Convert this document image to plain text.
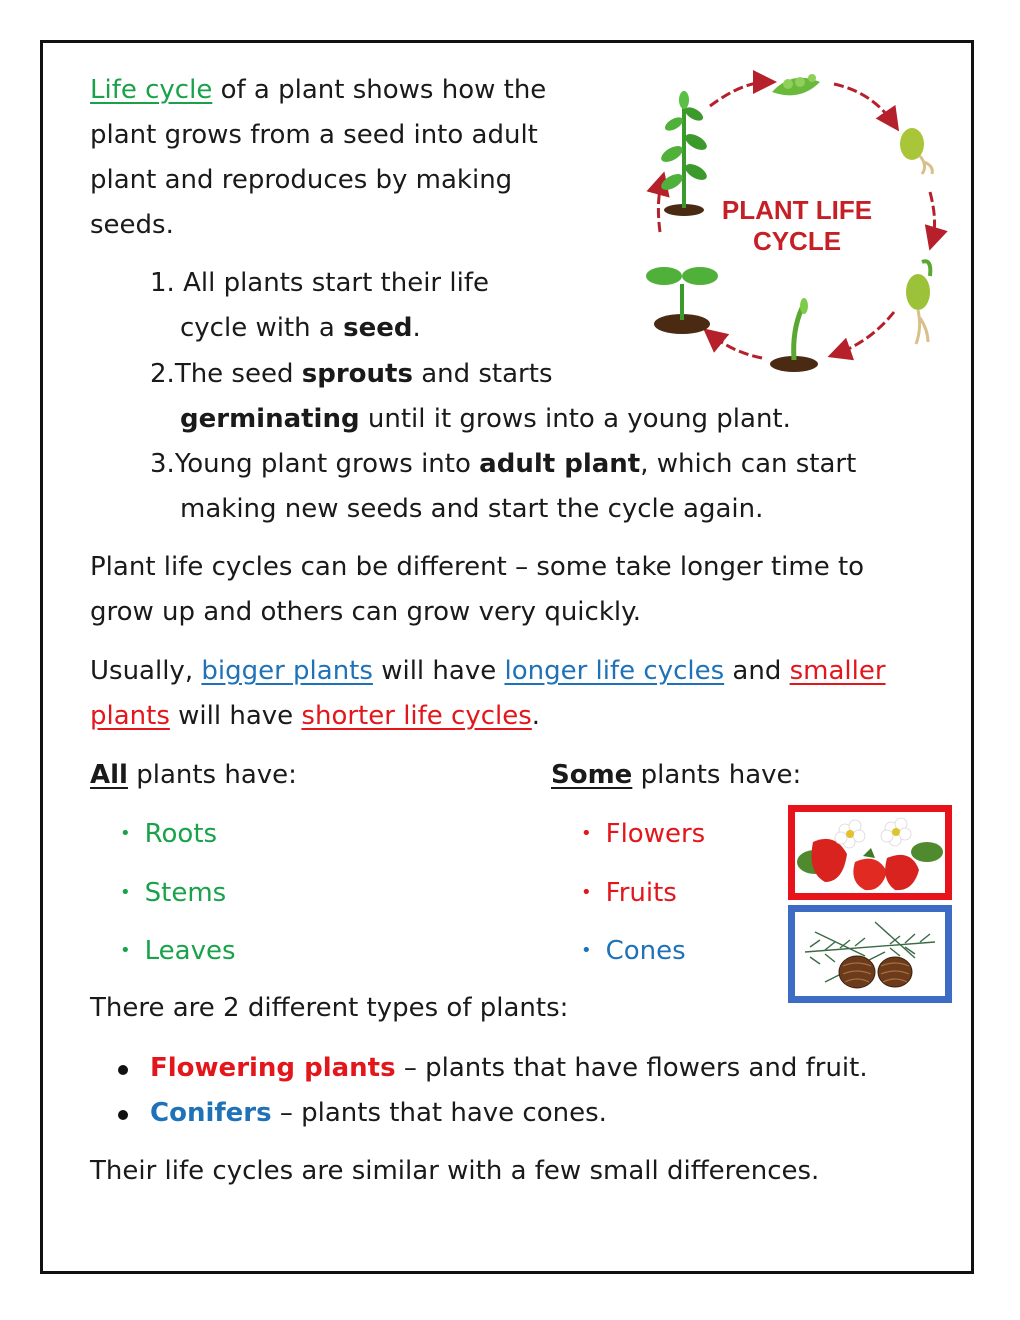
Life cycle of a plant shows how the
plant grows from a seed into adult
plant and reproduces by making
seeds.	PLANT LIFE
CYCLE
1. All plants start their life
cycle with a seed.
2.The seed sprouts and starts
germinating until it grows into a young plant.
3.Young plant grows into adult plant, which can start
making new seeds and start the cycle again.
Plant life cycles can be different – some take longer time to
grow up and others can grow very quickly.
Usually, bigger plants will have longer life cycles and smaller
plants will have shorter life cycles.
All plants have:
• Roots
• Stems
• Leaves
Some plants have:
• Flowers
• Fruits
• Cones
There are 2 different types of plants:
Flowering plants – plants that have flowers and fruit.
Conifers – plants that have cones.
Their life cycles are similar with a few small differences.
